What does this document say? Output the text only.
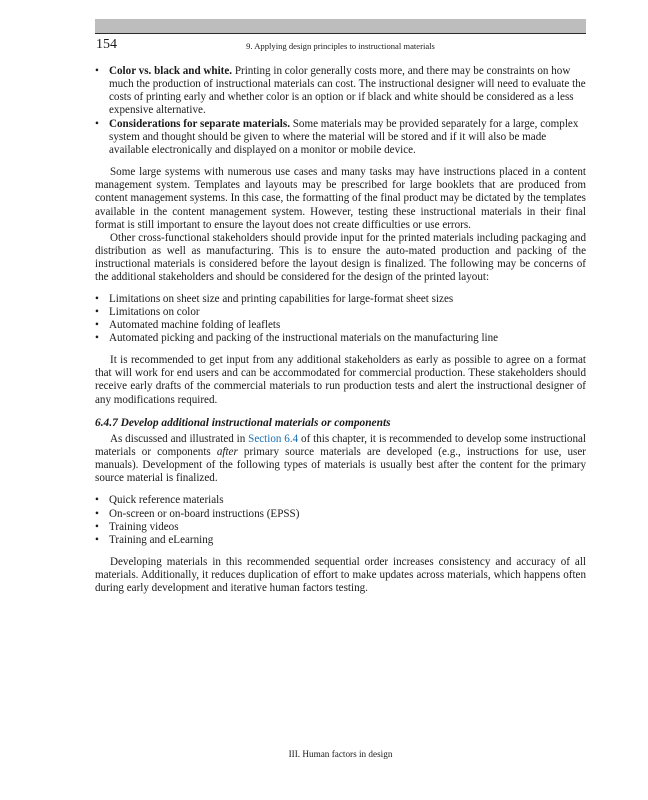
154	9. Applying design principles to instructional materials
• Color vs. black and white. Printing in color generally costs more, and there may be constraints on how much the production of instructional materials can cost. The instructional designer will need to evaluate the costs of printing early and whether color is an option or if black and white should be considered as a less expensive alternative.
• Considerations for separate materials. Some materials may be provided separately for a large, complex system and thought should be given to where the material will be stored and if it will also be made available electronically and displayed on a monitor or mobile device.

Some large systems with numerous use cases and many tasks may have instructions placed in a content management system. Templates and layouts may be prescribed for large booklets that are produced from content management systems. In this case, the formatting of the final product may be dictated by the templates available in the content management system. However, testing these instructional materials in their final format is still important to ensure the layout does not create difficulties or use errors.

Other cross-functional stakeholders should provide input for the printed materials including packaging and distribution as well as manufacturing. This is to ensure the auto-mated production and packing of the instructional materials is considered before the layout design is finalized. The following may be concerns of the additional stakeholders and should be considered for the design of the printed layout:

• Limitations on sheet size and printing capabilities for large-format sheet sizes
• Limitations on color
• Automated machine folding of leaflets
• Automated picking and packing of the instructional materials on the manufacturing line

It is recommended to get input from any additional stakeholders as early as possible to agree on a format that will work for end users and can be accommodated for commercial production. These stakeholders should receive early drafts of the commercial materials to run production tests and alert the instructional designer of any modifications required.

6.4.7 Develop additional instructional materials or components

As discussed and illustrated in Section 6.4 of this chapter, it is recommended to develop some instructional materials or components after primary source materials are developed (e.g., instructions for use, user manuals). Development of the following types of materials is usually best after the content for the primary source material is finalized.

• Quick reference materials
• On-screen or on-board instructions (EPSS)
• Training videos
• Training and eLearning

Developing materials in this recommended sequential order increases consistency and accuracy of all materials. Additionally, it reduces duplication of effort to make updates across materials, which happens often during early development and iterative human factors testing.

III. Human factors in design
